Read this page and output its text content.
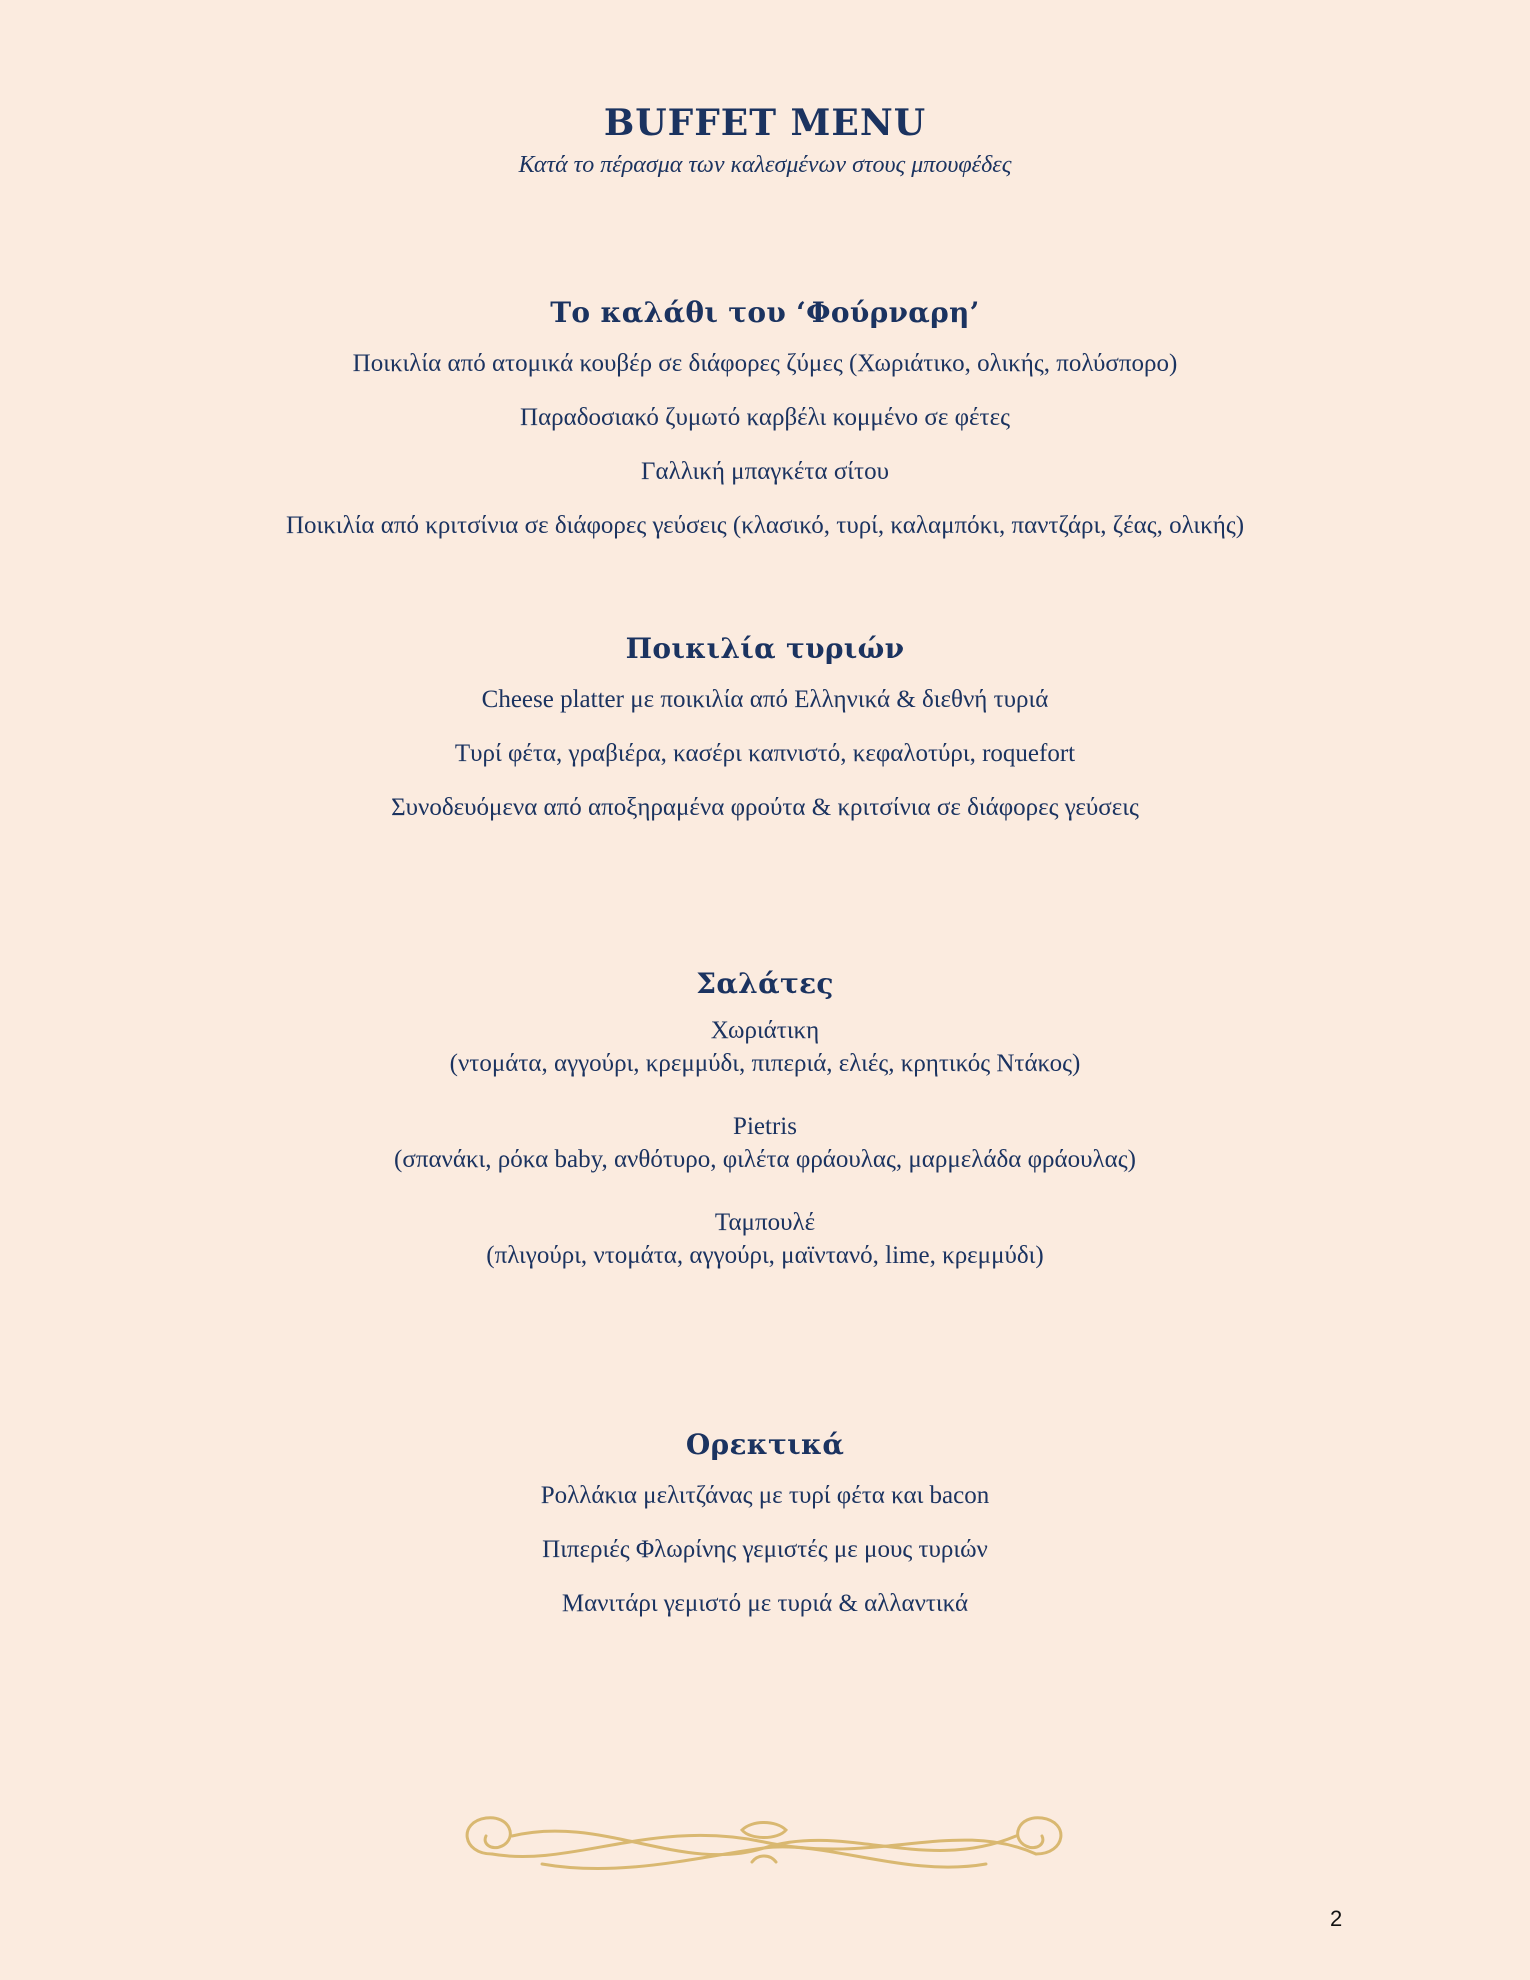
BUFFET MENU
Κατά το πέρασμα των καλεσμένων στους μπουφέδες
Το καλάθι του ‘Φούρναρη’
Ποικιλία από ατομικά κουβέρ σε διάφορες ζύμες (Χωριάτικο, ολικής, πολύσπορο)
Παραδοσιακό ζυμωτό καρβέλι κομμένο σε φέτες
Γαλλική μπαγκέτα σίτου
Ποικιλία από κριτσίνια σε διάφορες γεύσεις (κλασικό, τυρί, καλαμπόκι, παντζάρι, ζέας, ολικής)
Ποικιλία τυριών
Cheese platter με ποικιλία από Ελληνικά & διεθνή τυριά
Τυρί φέτα, γραβιέρα, κασέρι καπνιστό, κεφαλοτύρι, roquefort
Συνοδευόμενα από αποξηραμένα φρούτα & κριτσίνια σε διάφορες γεύσεις
Σαλάτες
Χωριάτικη
(ντομάτα, αγγούρι, κρεμμύδι, πιπεριά, ελιές, κρητικός Ντάκος)
Pietris
(σπανάκι, ρόκα baby, ανθότυρο, φιλέτα φράουλας, μαρμελάδα φράουλας)
Ταμπουλέ
(πλιγούρι, ντομάτα, αγγούρι, μαϊντανό, lime, κρεμμύδι)
Ορεκτικά
Ρολλάκια μελιτζάνας με τυρί φέτα και bacon
Πιπεριές Φλωρίνης γεμιστές με μους τυριών
Μανιτάρι γεμιστό με τυριά & αλλαντικά
2
